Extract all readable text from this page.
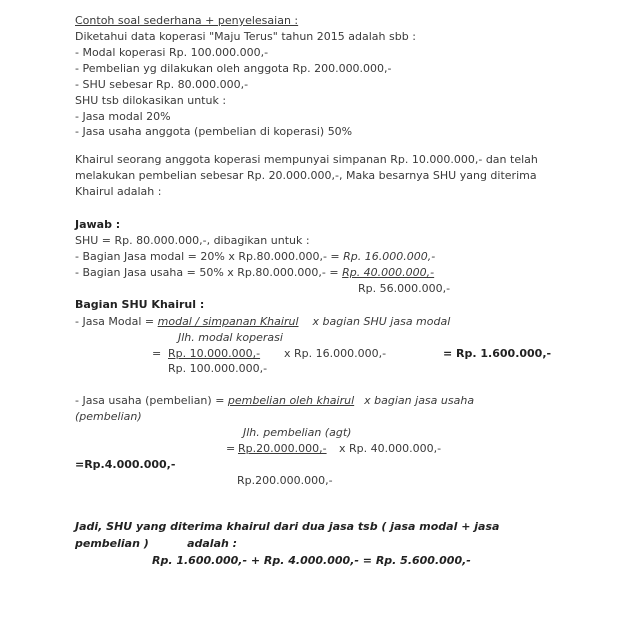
Contoh soal sederhana + penyelesaian :
Diketahui data koperasi "Maju Terus" tahun 2015 adalah sbb :
- Modal koperasi Rp. 100.000.000,-
- Pembelian yg dilakukan oleh anggota Rp. 200.000.000,-
- SHU sebesar Rp. 80.000.000,-
SHU tsb dilokasikan untuk :
- Jasa modal 20%
- Jasa usaha anggota (pembelian di koperasi) 50%
Khairul seorang anggota koperasi mempunyai simpanan Rp. 10.000.000,- dan telah
melakukan pembelian sebesar Rp. 20.000.000,-, Maka besarnya SHU yang diterima
Khairul adalah :
Jawab :
SHU = Rp. 80.000.000,-, dibagikan untuk :
- Bagian Jasa modal = 20% x Rp.80.000.000,- = Rp. 16.000.000,-
- Bagian Jasa usaha = 50% x Rp.80.000.000,- = Rp. 40.000.000,-
Rp. 56.000.000,-
Bagian SHU Khairul :
- Jasa Modal = modal / simpanan Khairul x bagian SHU jasa modal
Jlh. modal koperasi
= Rp. 10.000.000,- x Rp. 16.000.000,-	= Rp. 1.600.000,-
Rp. 100.000.000,-
- Jasa usaha (pembelian) = pembelian oleh khairul x bagian jasa usaha
(pembelian)
Jlh. pembelian (agt)
= Rp.20.000.000,- x Rp. 40.000.000,-
=Rp.4.000.000,-
Rp.200.000.000,-
Jadi, SHU yang diterima khairul dari dua jasa tsb ( jasa modal + jasa
pembelian )          adalah :
Rp. 1.600.000,- + Rp. 4.000.000,- = Rp. 5.600.000,-
